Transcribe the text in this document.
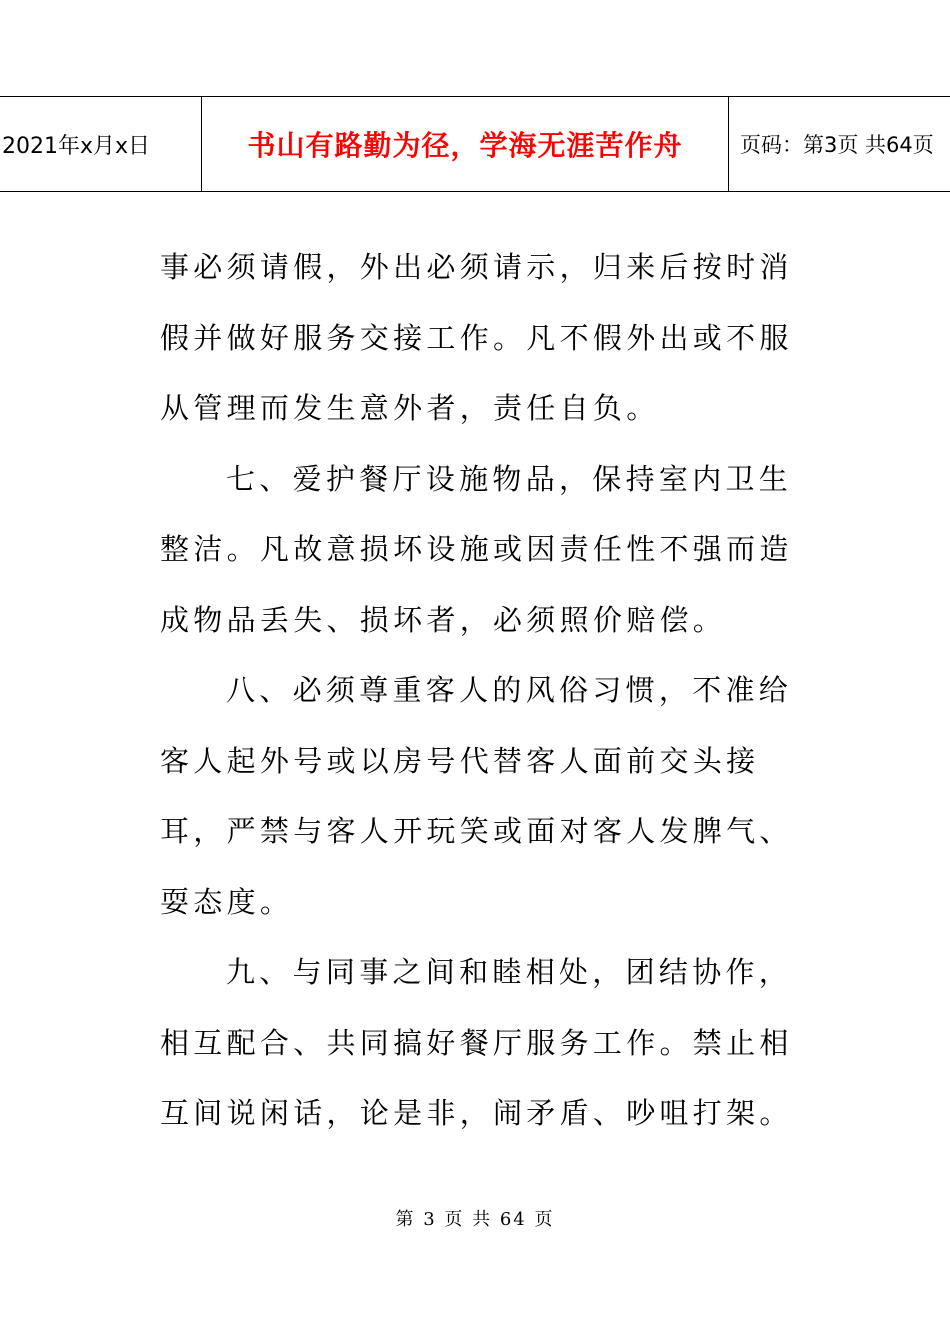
2021年x月x日	书山有路勤为径，学海无涯苦作舟	页码：第3页 共64页

事必须请假，外出必须请示，归来后按时消假并做好服务交接工作。凡不假外出或不服从管理而发生意外者，责任自负。

七、爱护餐厅设施物品，保持室内卫生整洁。凡故意损坏设施或因责任性不强而造成物品丢失、损坏者，必须照价赔偿。

八、必须尊重客人的风俗习惯，不准给客人起外号或以房号代替客人面前交头接耳，严禁与客人开玩笑或面对客人发脾气、耍态度。

九、与同事之间和睦相处，团结协作，相互配合、共同搞好餐厅服务工作。禁止相互间说闲话，论是非，闹矛盾、吵咀打架。

第 3 页 共 64 页
